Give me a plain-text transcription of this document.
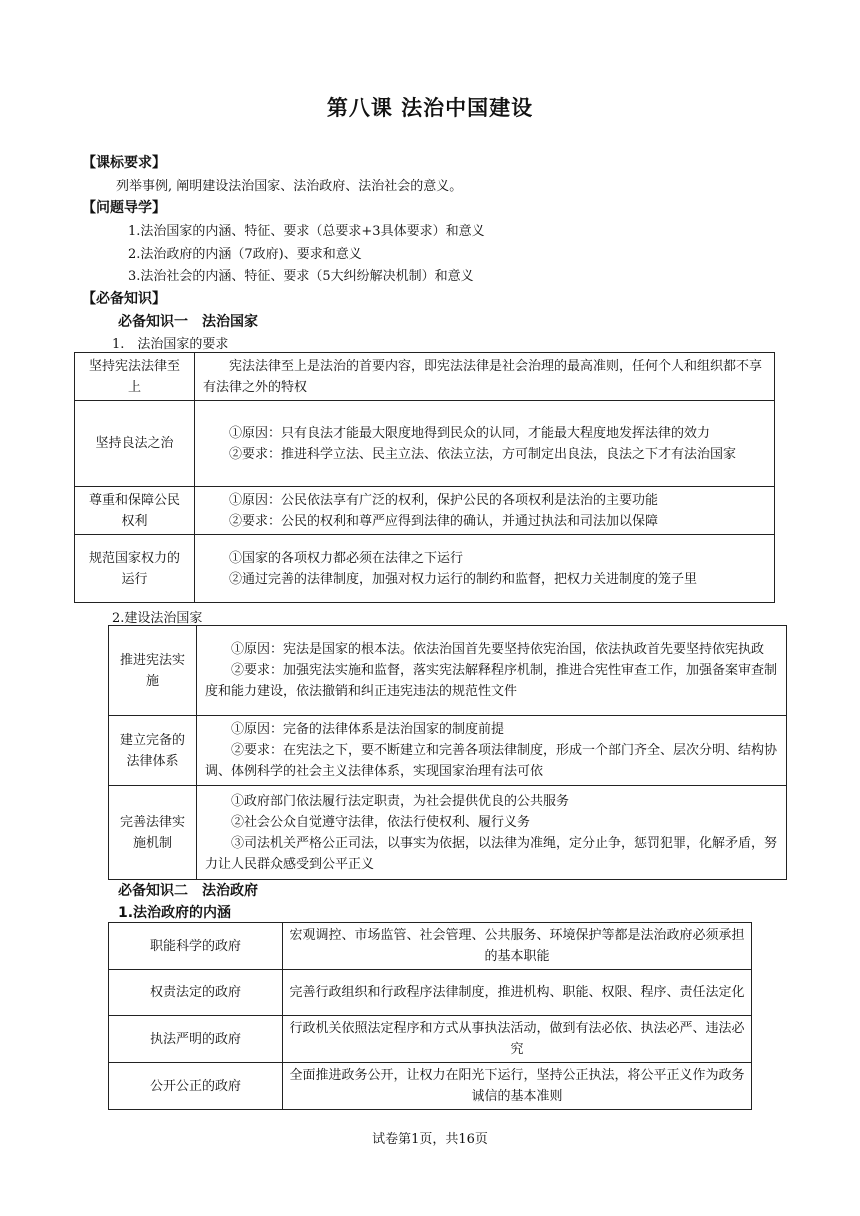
第八课 法治中国建设
【课标要求】
列举事例, 阐明建设法治国家、法治政府、法治社会的意义。
【问题导学】
1.法治国家的内涵、特征、要求（总要求+3具体要求）和意义
2.法治政府的内涵（7政府)、要求和意义
3.法治社会的内涵、特征、要求（5大纠纷解决机制）和意义
【必备知识】
必备知识一　法治国家
1.　法治国家的要求
坚持宪法法律至上	宪法法律至上是法治的首要内容，即宪法法律是社会治理的最高准则，任何个人和组织都不享有法律之外的特权

坚持良法之治	①原因：只有良法才能最大限度地得到民众的认同，才能最大程度地发挥法律的效力
②要求：推进科学立法、民主立法、依法立法，方可制定出良法，良法之下才有法治国家

尊重和保障公民权利	①原因：公民依法享有广泛的权利，保护公民的各项权利是法治的主要功能
②要求：公民的权利和尊严应得到法律的确认，并通过执法和司法加以保障

规范国家权力的运行	①国家的各项权力都必须在法律之下运行
②通过完善的法律制度，加强对权力运行的制约和监督，把权力关进制度的笼子里
2.建设法治国家
推进宪法实施	①原因：宪法是国家的根本法。依法治国首先要坚持依宪治国，依法执政首先要坚持依宪执政
②要求：加强宪法实施和监督，落实宪法解释程序机制，推进合宪性审查工作，加强备案审查制度和能力建设，依法撤销和纠正违宪违法的规范性文件

建立完备的法律体系	①原因：完备的法律体系是法治国家的制度前提
②要求：在宪法之下，要不断建立和完善各项法律制度，形成一个部门齐全、层次分明、结构协调、体例科学的社会主义法律体系，实现国家治理有法可依

完善法律实施机制	①政府部门依法履行法定职责，为社会提供优良的公共服务
②社会公众自觉遵守法律，依法行使权利、履行义务
③司法机关严格公正司法，以事实为依据，以法律为准绳，定分止争，惩罚犯罪，化解矛盾，努力让人民群众感受到公平正义
必备知识二　法治政府
1.法治政府的内涵
职能科学的政府	宏观调控、市场监管、社会管理、公共服务、环境保护等都是法治政府必须承担的基本职能
权责法定的政府	完善行政组织和行政程序法律制度，推进机构、职能、权限、程序、责任法定化
执法严明的政府	行政机关依照法定程序和方式从事执法活动，做到有法必依、执法必严、违法必究
公开公正的政府	全面推进政务公开，让权力在阳光下运行，坚持公正执法，将公平正义作为政务诚信的基本准则
试卷第1页，共16页
